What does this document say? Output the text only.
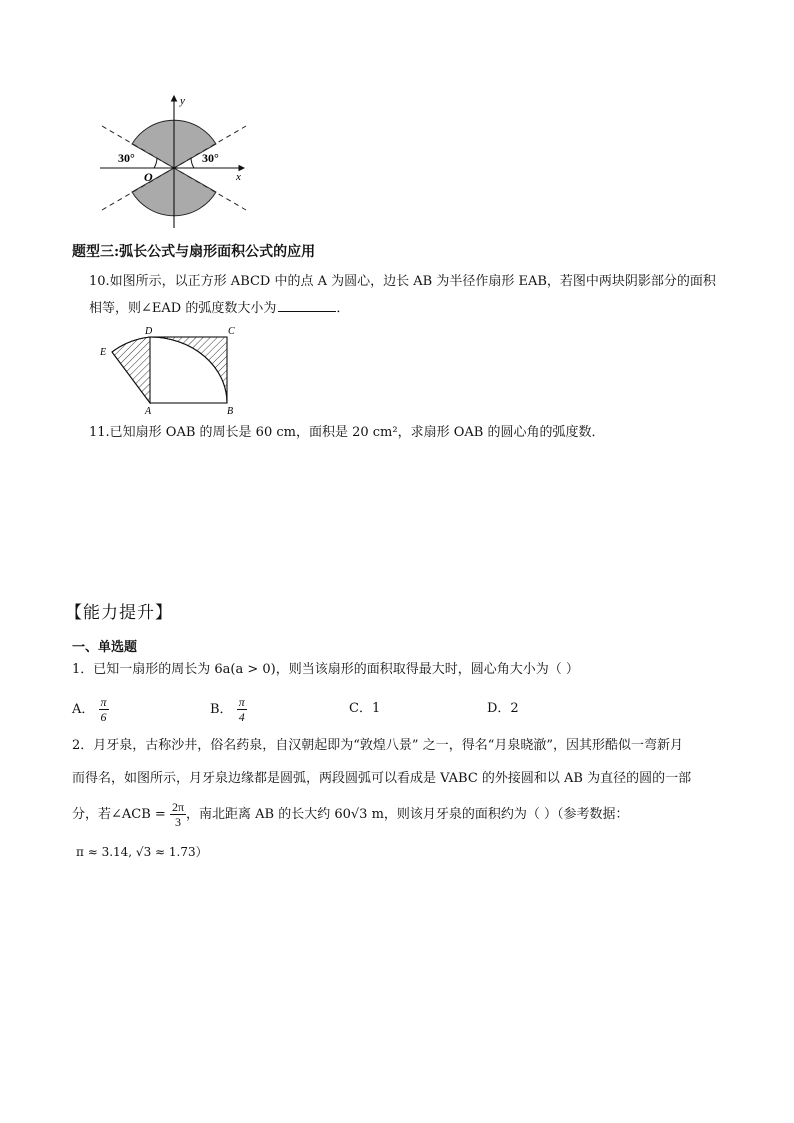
30°	30°
O	x
y
题型三:弧长公式与扇形面积公式的应用
10.如图所示，以正方形 ABCD 中的点 A 为圆心，边长 AB 为半径作扇形 EAB，若图中两块阴影部分的面积
相等，则∠EAD 的弧度数大小为	．
D	C
E
A	B
11.已知扇形 OAB 的周长是 60 cm，面积是 20 cm²，求扇形 OAB 的圆心角的弧度数．
【能力提升】
一、单选题
1．已知一扇形的周长为 6a(a > 0)，则当该扇形的面积取得最大时，圆心角大小为（ ）
A． $\frac{\pi}{6}$	B． $\frac{\pi}{4}$	C．1	D．2
2．月牙泉，古称沙井，俗名药泉，自汉朝起即为“敦煌八景” 之一，得名“月泉晓澈”，因其形酷似一弯新月
而得名，如图所示，月牙泉边缘都是圆弧，两段圆弧可以看成是 VABC 的外接圆和以 AB 为直径的圆的一部
分，若∠ACB = $\frac{2\pi}{3}$ ，南北距离 AB 的长大约 60√3 m，则该月牙泉的面积约为（ ）（参考数据：
π ≈ 3.14, √3 ≈ 1.73）
